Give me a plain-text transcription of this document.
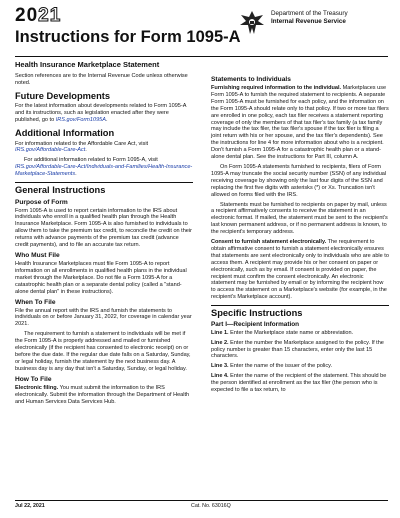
2021
Instructions for Form 1095-A
Department of the Treasury
Internal Revenue Service
Health Insurance Marketplace Statement

Section references are to the Internal Revenue Code unless otherwise noted.

Future Developments

For the latest information about developments related to Form 1095-A and its instructions, such as legislation enacted after they were published, go to IRS.gov/Form1095A.

Additional Information

For information related to the Affordable Care Act, visit IRS.gov/Affordable-Care-Act.

For additional information related to Form 1095-A, visit IRS.gov/Affordable-Care-Act/Individuals-and-Families/Health-Insurance-Marketplace-Statements.

General Instructions
Purpose of Form

Form 1095-A is used to report certain information to the IRS about individuals who enroll in a qualified health plan through the Health Insurance Marketplace. Form 1095-A is also furnished to individuals to allow them to take the premium tax credit, to reconcile the credit on their returns with advance payments of the premium tax credit (advance credit payments), and to file an accurate tax return.

Who Must File

Health Insurance Marketplaces must file Form 1095-A to report information on all enrollments in qualified health plans in the individual market through the Marketplace. Do not file a Form 1095-A for a catastrophic health plan or a separate dental policy (called a "stand-alone dental plan" in these instructions).

When To File

File the annual report with the IRS and furnish the statements to individuals on or before January 31, 2022, for coverage in calendar year 2021.

The requirement to furnish a statement to individuals will be met if the Form 1095-A is properly addressed and mailed or furnished electronically (if the recipient has consented to electronic receipt) on or before the due date. If the regular due date falls on a Saturday, Sunday, or legal holiday, furnish the statement by the next business day. A business day is any day that isn't a Saturday, Sunday, or legal holiday.

How To File

Electronic filing. You must submit the information to the IRS electronically. Submit the information through the Department of Health and Human Services Data Services Hub.

Statements to Individuals

Furnishing required information to the individual. Marketplaces use Form 1095-A to furnish the required statement to recipients. A separate Form 1095-A must be furnished for each policy, and the information on the Form 1095-A should relate only to that policy. If two or more tax filers are enrolled in one policy, each tax filer receives a statement reporting coverage of only the members of that tax filer's tax family (a tax family may include the tax filer, the tax filer's spouse if the tax filer is filing a joint return with his or her spouse, and the tax filer's dependents). See the instructions for line 4 for more information about who is a recipient. Don't furnish a Form 1095-A for a catastrophic health plan or a stand-alone dental plan. See the instructions for Part III, column A.

On Form 1095-A statements furnished to recipients, filers of Form 1095-A may truncate the social security number (SSN) of any individual receiving coverage by showing only the last four digits of the SSN and replacing the first five digits with asterisks (*) or Xs. Truncation isn't allowed on forms filed with the IRS.

Statements must be furnished to recipients on paper by mail, unless a recipient affirmatively consents to receive the statement in an electronic format. If mailed, the statement must be sent to the recipient's last known permanent address, or if no permanent address is known, to the recipient's temporary address.

Consent to furnish statement electronically. The requirement to obtain affirmative consent to furnish a statement electronically ensures that statements are sent electronically only to individuals who are able to access them. A recipient may provide his or her consent on paper or electronically, such as by email. If consent is provided on paper, the recipient must confirm the consent electronically. An electronic statement may be furnished by email or by informing the recipient how to access the statement on a Marketplace's website (for example, in the recipient's Marketplace account).

Specific Instructions
Part I—Recipient Information

Line 1. Enter the Marketplace state name or abbreviation.

Line 2. Enter the number the Marketplace assigned to the policy. If the policy number is greater than 15 characters, enter only the last 15 characters.

Line 3. Enter the name of the issuer of the policy.

Line 4. Enter the name of the recipient of the statement. This should be the person identified at enrollment as the tax filer (the person who is expected to file a tax return, to

Jul 22, 2021	Cat. No. 63016Q
